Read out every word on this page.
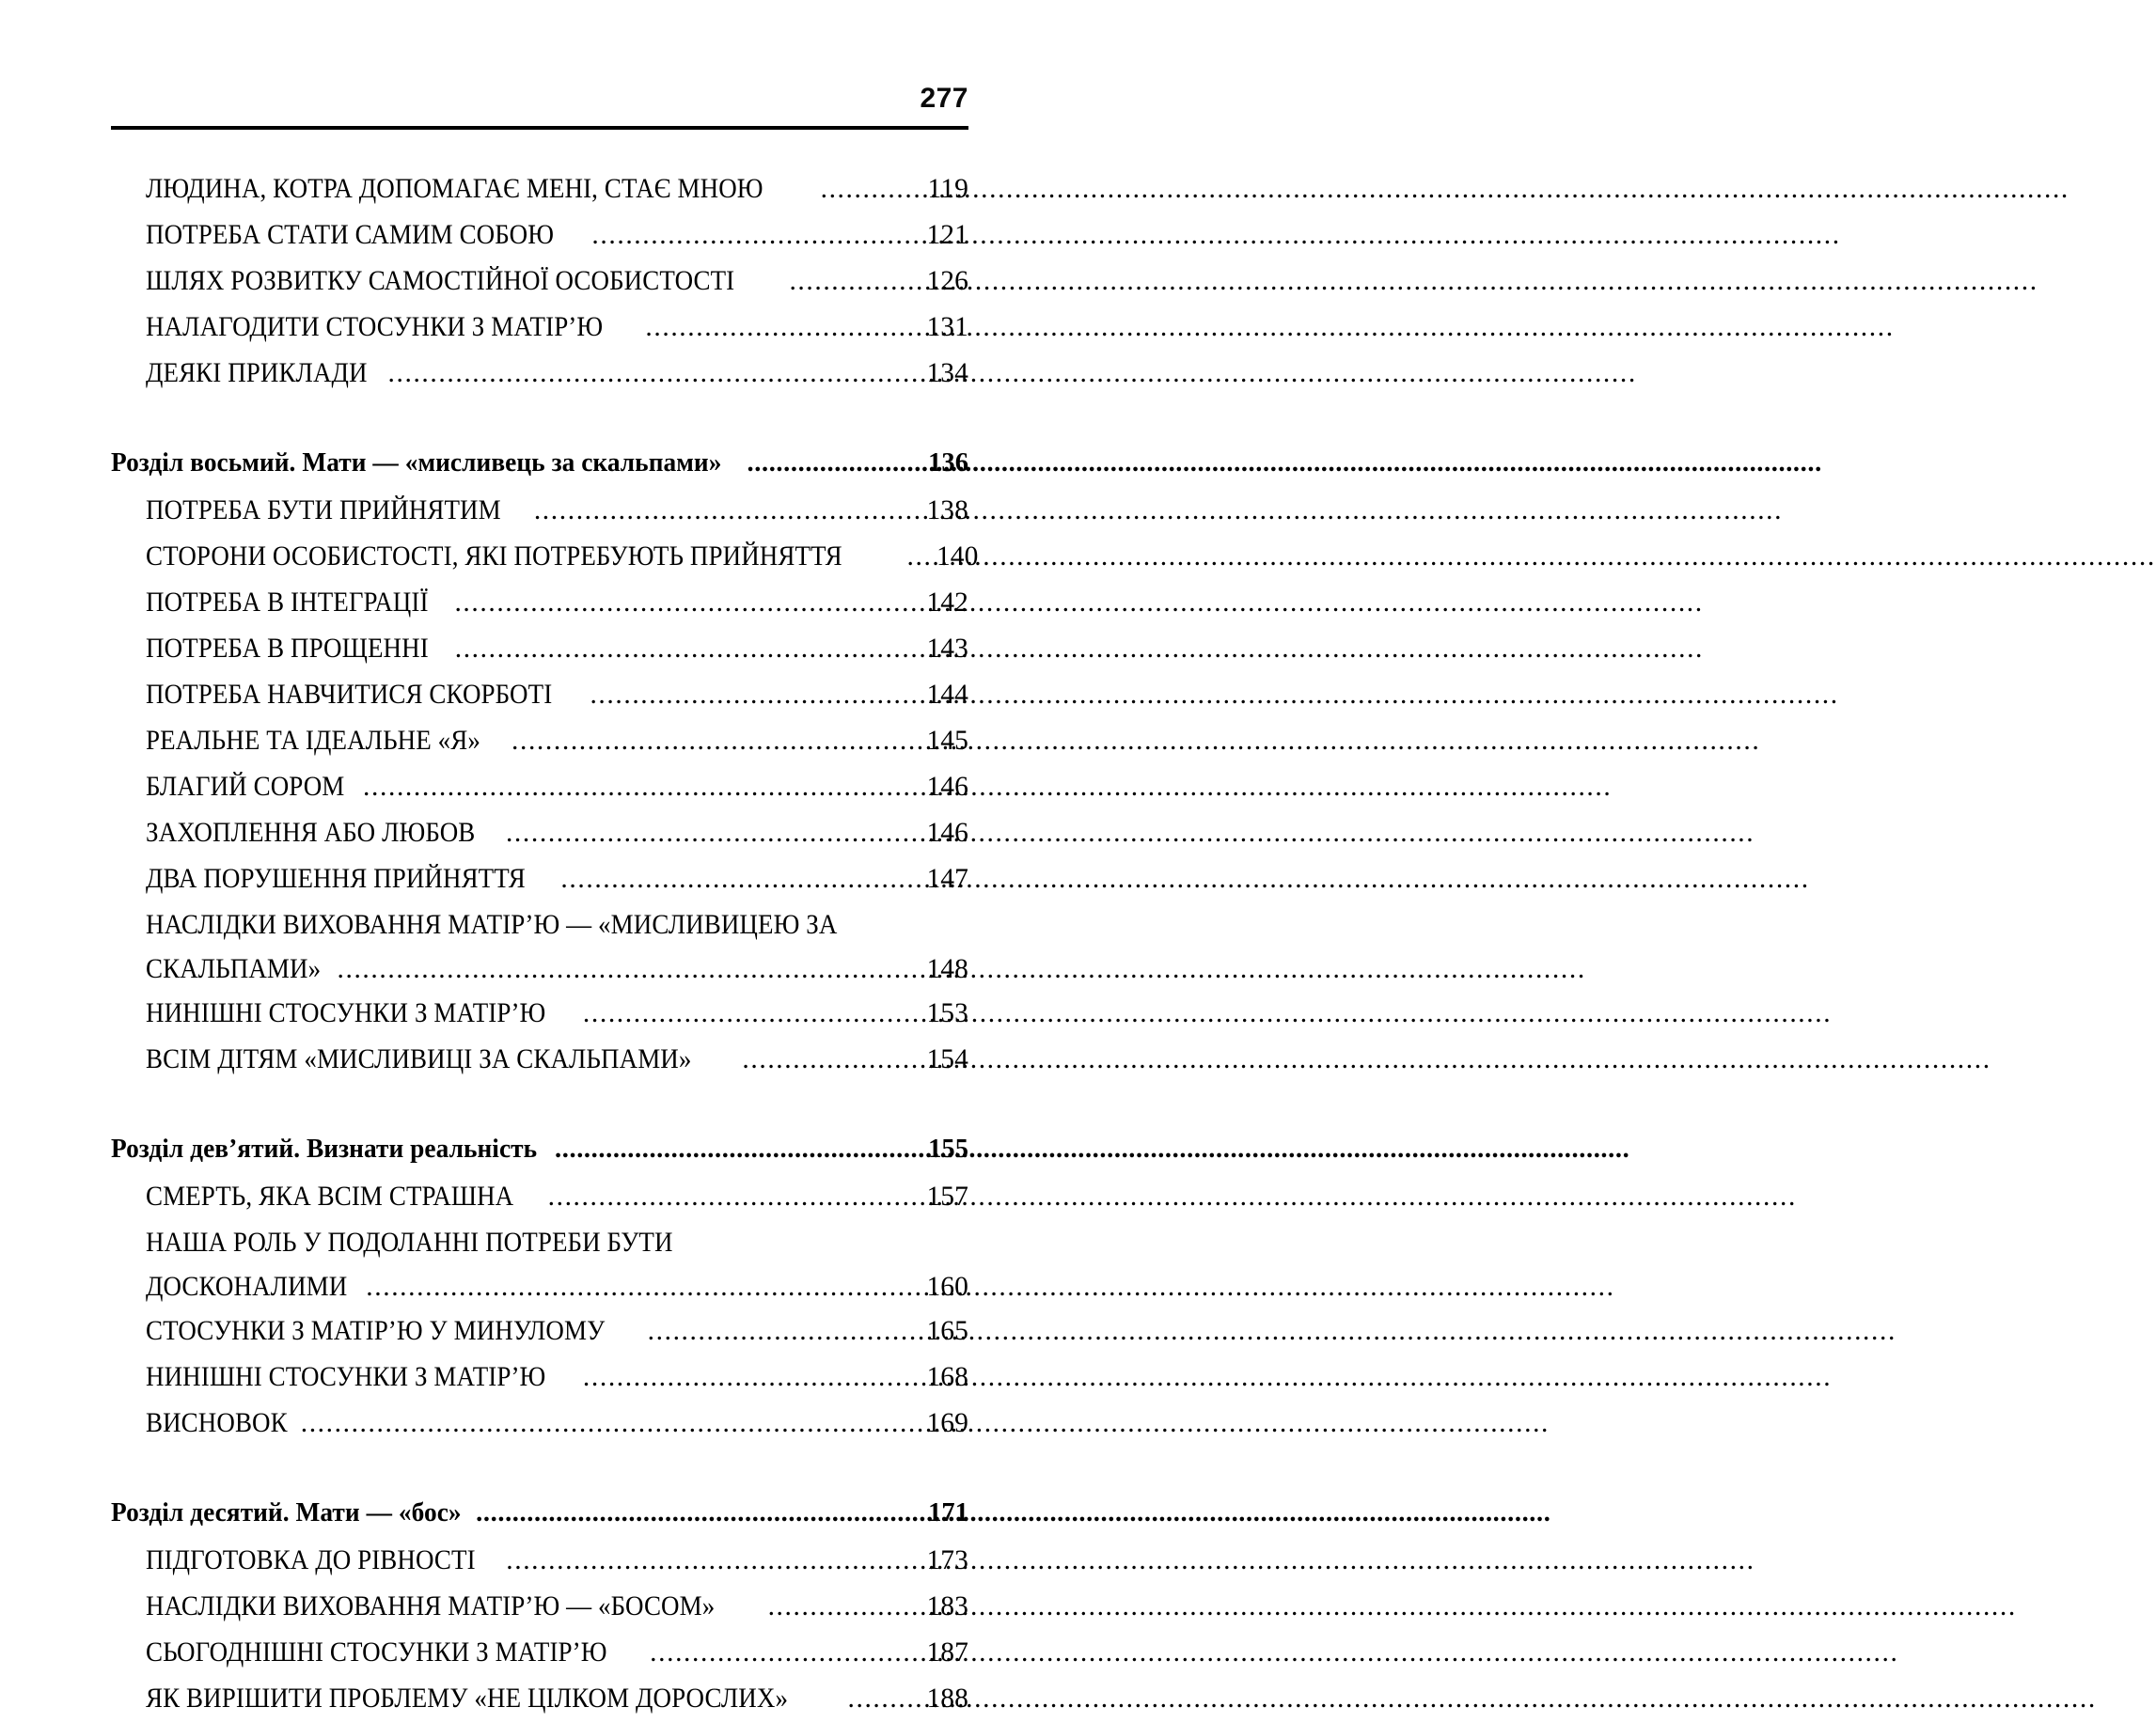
277
ЛЮДИНА, КОТРА ДОПОМАГАЄ МЕНІ, СТАЄ МНОЮ .....	119
ПОТРЕБА СТАТИ САМИМ СОБОЮ .....	121
ШЛЯХ РОЗВИТКУ САМОСТІЙНОЇ ОСОБИСТОСТІ .....	126
НАЛАГОДИТИ СТОСУНКИ З МАТІР’Ю .....	131
ДЕЯКІ ПРИКЛАДИ .....	134
Розділ восьмий. Мати — «мисливець за скальпами» .....	136
ПОТРЕБА БУТИ ПРИЙНЯТИМ .....	138
СТОРОНИ ОСОБИСТОСТІ, ЯКІ ПОТРЕБУЮТЬ ПРИЙНЯТТЯ .....	140
ПОТРЕБА В ІНТЕГРАЦІЇ .....	142
ПОТРЕБА В ПРОЩЕННІ .....	143
ПОТРЕБА НАВЧИТИСЯ СКОРБОТІ .....	144
РЕАЛЬНЕ ТА ІДЕАЛЬНЕ «Я» .....	145
БЛАГИЙ СОРОМ .....	146
ЗАХОПЛЕННЯ АБО ЛЮБОВ .....	146
ДВА ПОРУШЕННЯ ПРИЙНЯТТЯ .....	147
НАСЛІДКИ ВИХОВАННЯ МАТІР’Ю — «МИСЛИВИЦЕЮ ЗА
СКАЛЬПАМИ» .....	148
НИНІШНІ СТОСУНКИ З МАТІР’Ю .....	153
ВСІМ ДІТЯМ «МИСЛИВИЦІ ЗА СКАЛЬПАМИ» .....	154
Розділ дев’ятий. Визнати реальність .....	155
СМЕРТЬ, ЯКА ВСІМ СТРАШНА .....	157
НАША РОЛЬ У ПОДОЛАННІ ПОТРЕБИ БУТИ
ДОСКОНАЛИМИ .....	160
СТОСУНКИ З МАТІР’Ю У МИНУЛОМУ .....	165
НИНІШНІ СТОСУНКИ З МАТІР’Ю .....	168
ВИСНОВОК .....	169
Розділ десятий. Мати — «бос» .....	171
ПІДГОТОВКА ДО РІВНОСТІ .....	173
НАСЛІДКИ ВИХОВАННЯ МАТІР’Ю — «БОСОМ» .....	183
СЬОГОДНІШНІ СТОСУНКИ З МАТІР’Ю .....	187
ЯК ВИРІШИТИ ПРОБЛЕМУ «НЕ ЦІЛКОМ ДОРОСЛИХ» .....	188
